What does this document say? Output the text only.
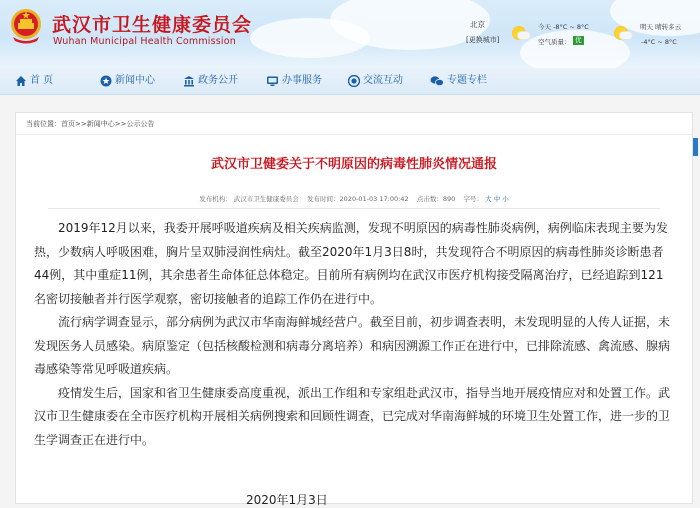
武汉市卫生健康委员会
Wuhan Municipal Health Commission
北京
[更换城市]
今天 -8°C ~ 8°C
空气质量： 优
明天 晴转多云
-4°C ~ 8°C
首 页	新闻中心	政务公开	办事服务	交流互动	专题专栏
请输入搜索内容
当前位置：首页>>新闻中心>>公示公告
武汉市卫健委关于不明原因的病毒性肺炎情况通报
发布机构： 武汉市卫生健康委员会 发布时间：2020-01-03 17:00:42 点击数：890 字号： 大 中 小

2019年12月以来，我委开展呼吸道疾病及相关疾病监测，发现不明原因的病毒性肺炎病例，病例临床表现主要为发热，少数病人呼吸困难，胸片呈双肺浸润性病灶。截至2020年1月3日8时，共发现符合不明原因的病毒性肺炎诊断患者44例，其中重症11例，其余患者生命体征总体稳定。目前所有病例均在武汉市医疗机构接受隔离治疗，已经追踪到121名密切接触者并行医学观察，密切接触者的追踪工作仍在进行中。

流行病学调查显示，部分病例为武汉市华南海鲜城经营户。截至目前，初步调查表明，未发现明显的人传人证据，未发现医务人员感染。病原鉴定（包括核酸检测和病毒分离培养）和病因溯源工作正在进行中，已排除流感、禽流感、腺病毒感染等常见呼吸道疾病。

疫情发生后，国家和省卫生健康委高度重视，派出工作组和专家组赴武汉市，指导当地开展疫情应对和处置工作。武汉市卫生健康委在全市医疗机构开展相关病例搜索和回顾性调查，已完成对华南海鲜城的环境卫生处置工作，进一步的卫生学调查正在进行中。

2020年1月3日
